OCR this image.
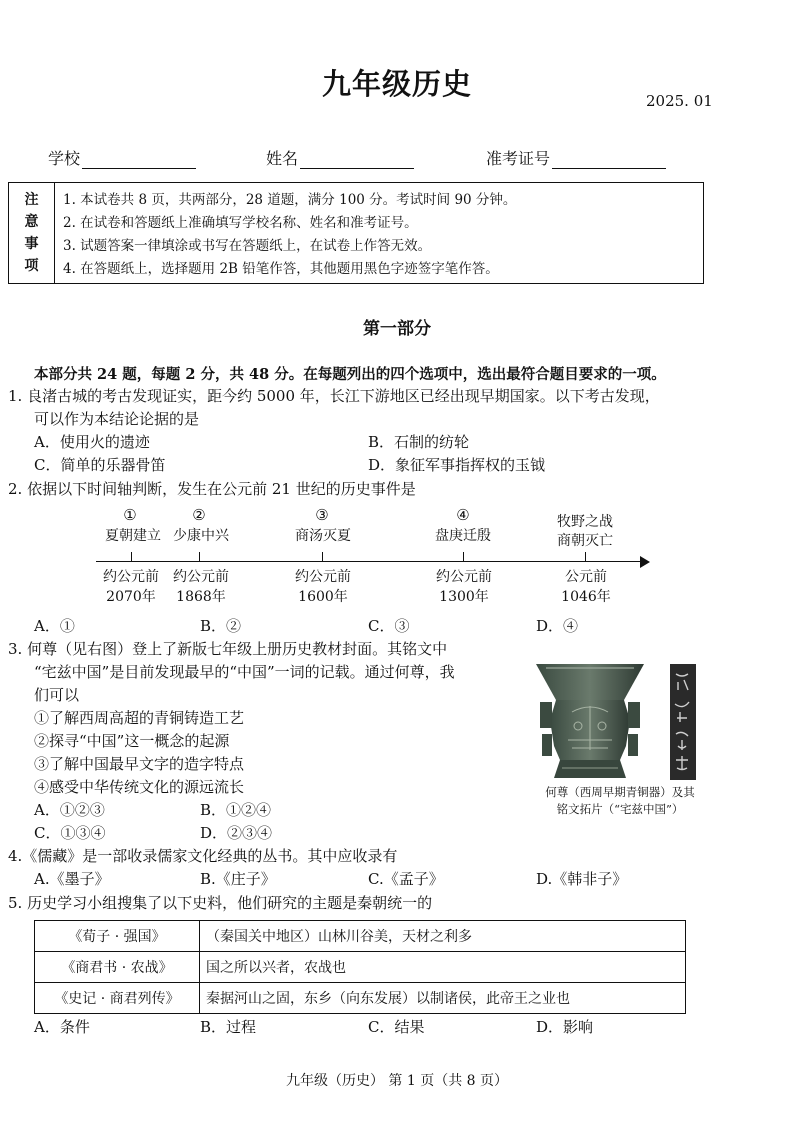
九年级历史	2025. 01
学校	姓名	准考证号
注
意
事
项
1. 本试卷共 8 页，共两部分，28 道题，满分 100 分。考试时间 90 分钟。
2. 在试卷和答题纸上准确填写学校名称、姓名和准考证号。
3. 试题答案一律填涂或书写在答题纸上，在试卷上作答无效。
4. 在答题纸上，选择题用 2B 铅笔作答，其他题用黑色字迹签字笔作答。
第一部分
本部分共 24 题，每题 2 分，共 48 分。在每题列出的四个选项中，选出最符合题目要求的一项。
1. 良渚古城的考古发现证实，距今约 5000 年，长江下游地区已经出现早期国家。以下考古发现，
可以作为本结论论据的是
A．使用火的遗迹	B．石制的纺轮
C．简单的乐器骨笛	D．象征军事指挥权的玉钺
2. 依据以下时间轴判断，发生在公元前 21 世纪的历史事件是
①	②	③	④
夏朝建立 少康中兴	商汤灭夏	盘庚迁殷
牧野之战
商朝灭亡
约公元前	约公元前	约公元前	约公元前	公元前
2070年	1868年	1600年	1300年	1046年
A．①	B．②	C．③	D．④
3. 何尊（见右图）登上了新版七年级上册历史教材封面。其铭文中
“宅兹中国”是目前发现最早的“中国”一词的记载。通过何尊，我
们可以
①了解西周高超的青铜铸造工艺
②探寻“中国”这一概念的起源
③了解中国最早文字的造字特点
④感受中华传统文化的源远流长
A．①②③	B．①②④
C．①③④	D．②③④
何尊（西周早期青铜器）及其
铭文拓片（“宅兹中国”）
4.《儒藏》是一部收录儒家文化经典的丛书。其中应收录有
A.《墨子》	B.《庄子》	C.《孟子》	D.《韩非子》
5. 历史学习小组搜集了以下史料，他们研究的主题是秦朝统一的
《荀子 · 强国》	（秦国关中地区）山林川谷美，天材之利多
《商君书 · 农战》	国之所以兴者，农战也
《史记 · 商君列传》	秦据河山之固，东乡（向东发展）以制诸侯，此帝王之业也
A．条件	B．过程	C．结果	D．影响
九年级（历史） 第 1 页（共 8 页）
